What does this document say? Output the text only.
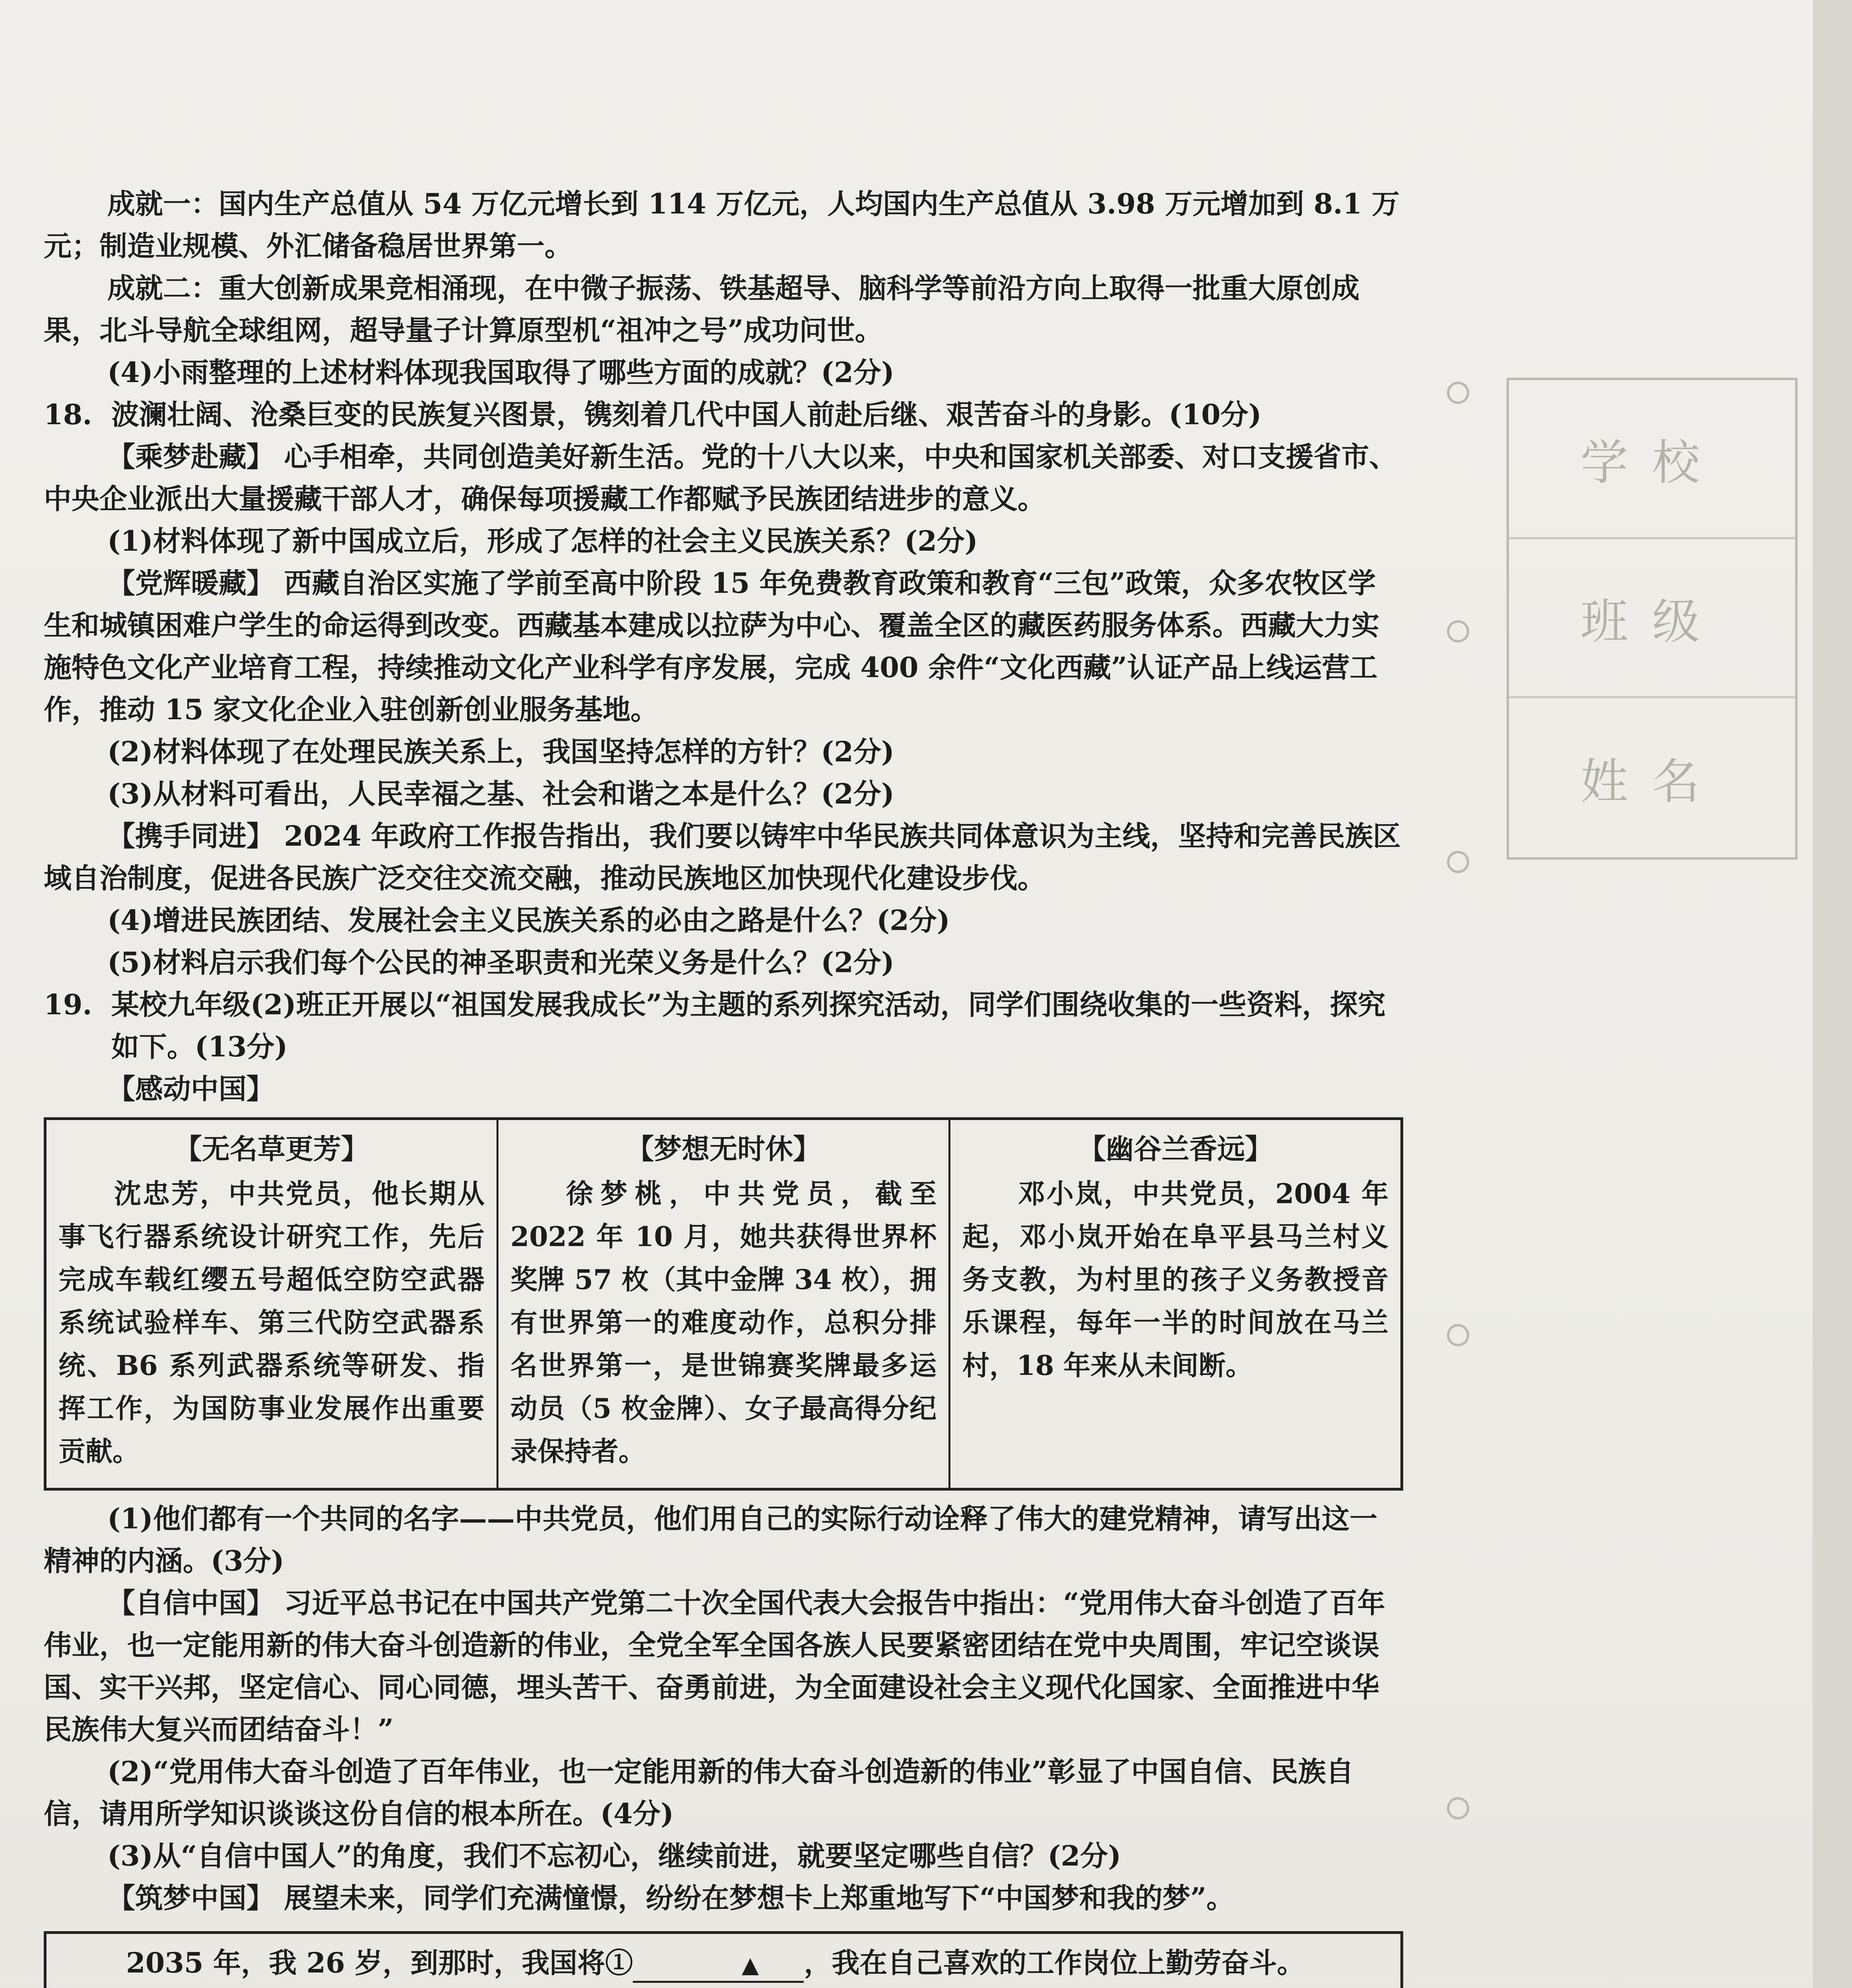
学校
班级
姓名

成就一：国内生产总值从 54 万亿元增长到 114 万亿元，人均国内生产总值从 3.98 万元增加到 8.1 万元；制造业规模、外汇储备稳居世界第一。

成就二：重大创新成果竞相涌现，在中微子振荡、铁基超导、脑科学等前沿方向上取得一批重大原创成果，北斗导航全球组网，超导量子计算原型机“祖冲之号”成功问世。

(4)小雨整理的上述材料体现我国取得了哪些方面的成就？(2分)

18. 波澜壮阔、沧桑巨变的民族复兴图景，镌刻着几代中国人前赴后继、艰苦奋斗的身影。(10分)

【乘梦赴藏】 心手相牵，共同创造美好新生活。党的十八大以来，中央和国家机关部委、对口支援省市、中央企业派出大量援藏干部人才，确保每项援藏工作都赋予民族团结进步的意义。

(1)材料体现了新中国成立后，形成了怎样的社会主义民族关系？(2分)

【党辉暖藏】 西藏自治区实施了学前至高中阶段 15 年免费教育政策和教育“三包”政策，众多农牧区学生和城镇困难户学生的命运得到改变。西藏基本建成以拉萨为中心、覆盖全区的藏医药服务体系。西藏大力实施特色文化产业培育工程，持续推动文化产业科学有序发展，完成 400 余件“文化西藏”认证产品上线运营工作，推动 15 家文化企业入驻创新创业服务基地。

(2)材料体现了在处理民族关系上，我国坚持怎样的方针？(2分)

(3)从材料可看出，人民幸福之基、社会和谐之本是什么？(2分)

【携手同进】 2024 年政府工作报告指出，我们要以铸牢中华民族共同体意识为主线，坚持和完善民族区域自治制度，促进各民族广泛交往交流交融，推动民族地区加快现代化建设步伐。

(4)增进民族团结、发展社会主义民族关系的必由之路是什么？(2分)

(5)材料启示我们每个公民的神圣职责和光荣义务是什么？(2分)

19. 某校九年级(2)班正开展以“祖国发展我成长”为主题的系列探究活动，同学们围绕收集的一些资料，探究如下。(13分)

【感动中国】

【无名草更芳】
沈忠芳，中共党员，他长期从事飞行器系统设计研究工作，先后完成车载红缨五号超低空防空武器系统试验样车、第三代防空武器系统、B6 系列武器系统等研发、指挥工作，为国防事业发展作出重要贡献。
【梦想无时休】
徐梦桃，中共党员，截至 2022 年 10 月，她共获得世界杯奖牌 57 枚（其中金牌 34 枚），拥有世界第一的难度动作，总积分排名世界第一，是世锦赛奖牌最多运动员（5 枚金牌）、女子最高得分纪录保持者。
【幽谷兰香远】
邓小岚，中共党员，2004 年起，邓小岚开始在阜平县马兰村义务支教，为村里的孩子义务教授音乐课程，每年一半的时间放在马兰村，18 年来从未间断。

(1)他们都有一个共同的名字——中共党员，他们用自己的实际行动诠释了伟大的建党精神，请写出这一精神的内涵。(3分)

【自信中国】 习近平总书记在中国共产党第二十次全国代表大会报告中指出：“党用伟大奋斗创造了百年伟业，也一定能用新的伟大奋斗创造新的伟业，全党全军全国各族人民要紧密团结在党中央周围，牢记空谈误国、实干兴邦，坚定信心、同心同德，埋头苦干、奋勇前进，为全面建设社会主义现代化国家、全面推进中华民族伟大复兴而团结奋斗！”

(2)“党用伟大奋斗创造了百年伟业，也一定能用新的伟大奋斗创造新的伟业”彰显了中国自信、民族自信，请用所学知识谈谈这份自信的根本所在。(4分)

(3)从“自信中国人”的角度，我们不忘初心，继续前进，就要坚定哪些自信？(2分)

【筑梦中国】 展望未来，同学们充满憧憬，纷纷在梦想卡上郑重地写下“中国梦和我的梦”。

2035 年，我 26 岁，到那时，我国将①	▲ ，我在自己喜欢的工作岗位上勤劳奋斗。
